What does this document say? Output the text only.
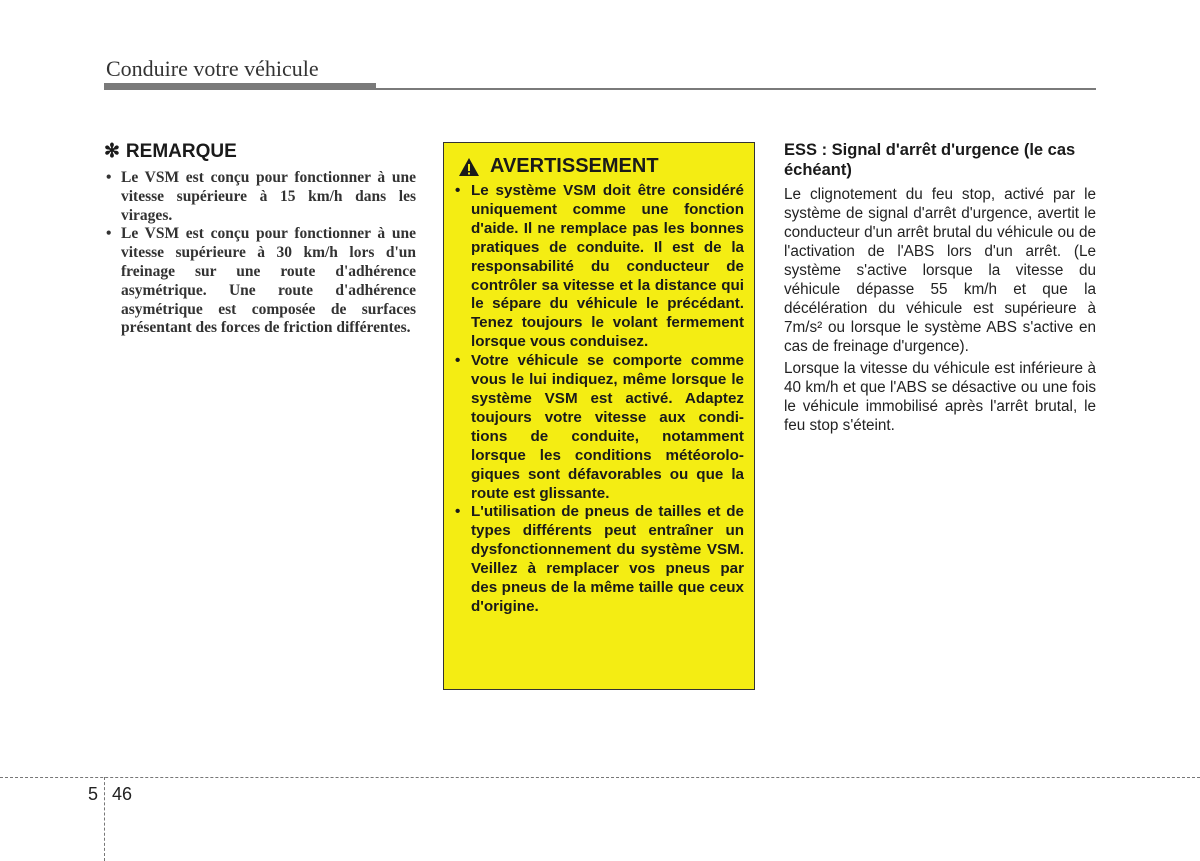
Conduire votre véhicule
✻ REMARQUE
• Le VSM est conçu pour fonctionner à une vitesse supérieure à 15 km/h dans les virages.
• Le VSM est conçu pour fonctionner à une vitesse supérieure à 30 km/h lors d'un freinage sur une route d'adhérence asymétrique. Une route d'adhérence asymétrique est composée de surfaces présentant des forces de friction différentes.
AVERTISSEMENT
• Le système VSM doit être considéré uniquement comme une fonction d'aide. Il ne remplace pas les bonnes pratiques de conduite. Il est de la responsabilité du conducteur de contrôler sa vitesse et la distance qui le sépare du véhicule le précédant. Tenez toujours le volant fermement lorsque vous conduisez.
• Votre véhicule se comporte comme vous le lui indiquez, même lorsque le système VSM est activé. Adaptez toujours votre vitesse aux condi-tions de conduite, notamment lorsque les conditions météorolo-giques sont défavorables ou que la route est glissante.
• L'utilisation de pneus de tailles et de types différents peut entraîner un dysfonctionnement du système VSM. Veillez à remplacer vos pneus par des pneus de la même taille que ceux d'origine.
ESS : Signal d'arrêt d'urgence (le cas échéant)

Le clignotement du feu stop, activé par le système de signal d'arrêt d'urgence, avertit le conducteur d'un arrêt brutal du véhicule ou de l'activation de l'ABS lors d'un arrêt. (Le système s'active lorsque la vitesse du véhicule dépasse 55 km/h et que la décélération du véhicule est supérieure à 7m/s² ou lorsque le système ABS s'active en cas de freinage d'urgence).

Lorsque la vitesse du véhicule est inférieure à 40 km/h et que l'ABS se désactive ou une fois le véhicule immobilisé après l'arrêt brutal, le feu stop s'éteint.

5 46
